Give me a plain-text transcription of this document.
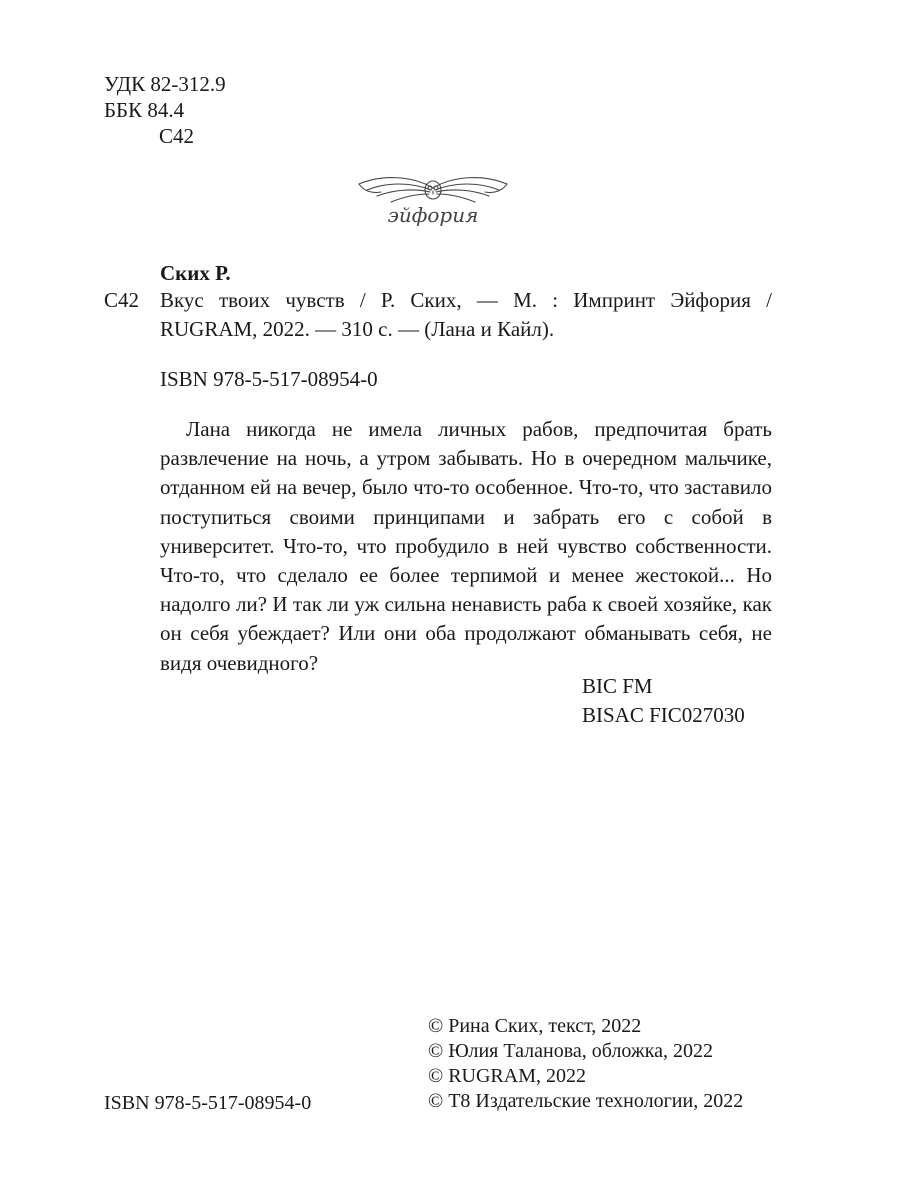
УДК 82-312.9
ББК 84.4
С42
эйфория
Ских Р.
С42 Вкус твоих чувств / Р. Ских, — М. : Импринт Эйфория /
RUGRAM, 2022. — 310 с. — (Лана и Кайл).
ISBN 978-5-517-08954-0
Лана никогда не имела личных рабов, предпочитая брать развлечение на ночь, а утром забывать. Но в очередном мальчике, отданном ей на вечер, было что-то особенное. Что-то, что заставило поступиться своими принципами и забрать его с собой в университет. Что-то, что пробудило в ней чувство собственности. Что-то, что сделало ее более терпимой и менее жестокой... Но надолго ли? И так ли уж сильна ненависть раба к своей хозяйке, как он себя убеждает? Или они оба продолжают обманывать себя, не видя очевидного?
BIC FM
BISAC FIC027030
ISBN 978-5-517-08954-0
© Рина Ских, текст, 2022
© Юлия Таланова, обложка, 2022
© RUGRAM, 2022
© Т8 Издательские технологии, 2022
